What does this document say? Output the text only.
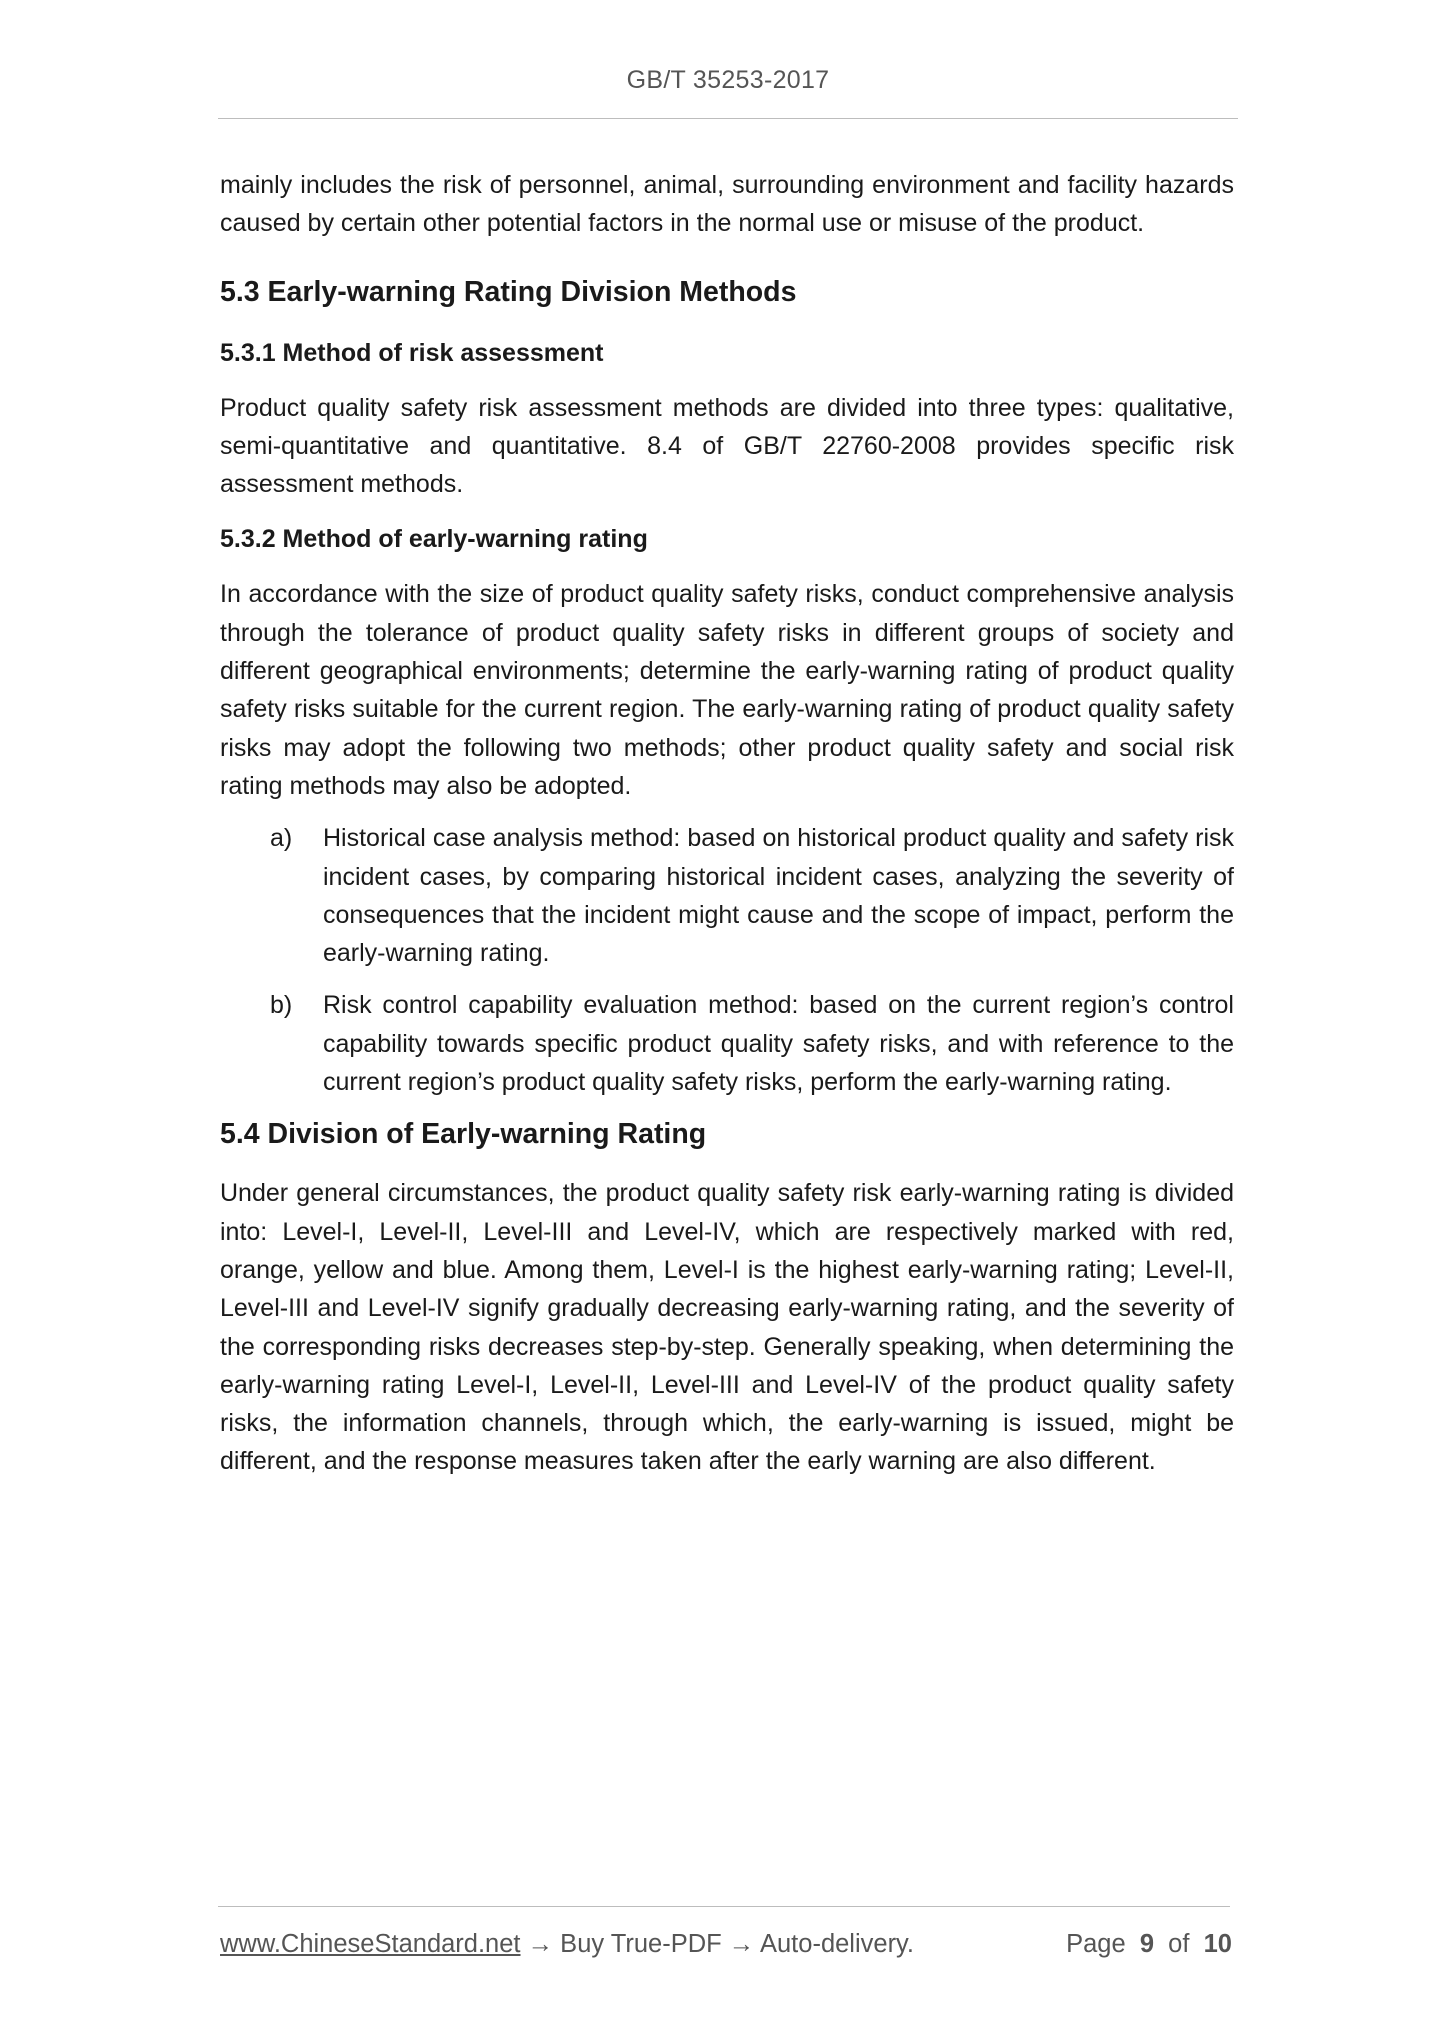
GB/T 35253-2017

mainly includes the risk of personnel, animal, surrounding environment and facility hazards caused by certain other potential factors in the normal use or misuse of the product.

5.3 Early-warning Rating Division Methods
5.3.1 Method of risk assessment

Product quality safety risk assessment methods are divided into three types: qualitative, semi-quantitative and quantitative. 8.4 of GB/T 22760-2008 provides specific risk assessment methods.

5.3.2 Method of early-warning rating

In accordance with the size of product quality safety risks, conduct comprehensive analysis through the tolerance of product quality safety risks in different groups of society and different geographical environments; determine the early-warning rating of product quality safety risks suitable for the current region. The early-warning rating of product quality safety risks may adopt the following two methods; other product quality safety and social risk rating methods may also be adopted.

a) Historical case analysis method: based on historical product quality and safety risk incident cases, by comparing historical incident cases, analyzing the severity of consequences that the incident might cause and the scope of impact, perform the early-warning rating.

b) Risk control capability evaluation method: based on the current region’s control capability towards specific product quality safety risks, and with reference to the current region’s product quality safety risks, perform the early-warning rating.

5.4 Division of Early-warning Rating

Under general circumstances, the product quality safety risk early-warning rating is divided into: Level-I, Level-II, Level-III and Level-IV, which are respectively marked with red, orange, yellow and blue. Among them, Level-I is the highest early-warning rating; Level-II, Level-III and Level-IV signify gradually decreasing early-warning rating, and the severity of the corresponding risks decreases step-by-step. Generally speaking, when determining the early-warning rating Level-I, Level-II, Level-III and Level-IV of the product quality safety risks, the information channels, through which, the early-warning is issued, might be different, and the response measures taken after the early warning are also different.

www.ChineseStandard.net → Buy True-PDF → Auto-delivery.	Page 9 of 10
